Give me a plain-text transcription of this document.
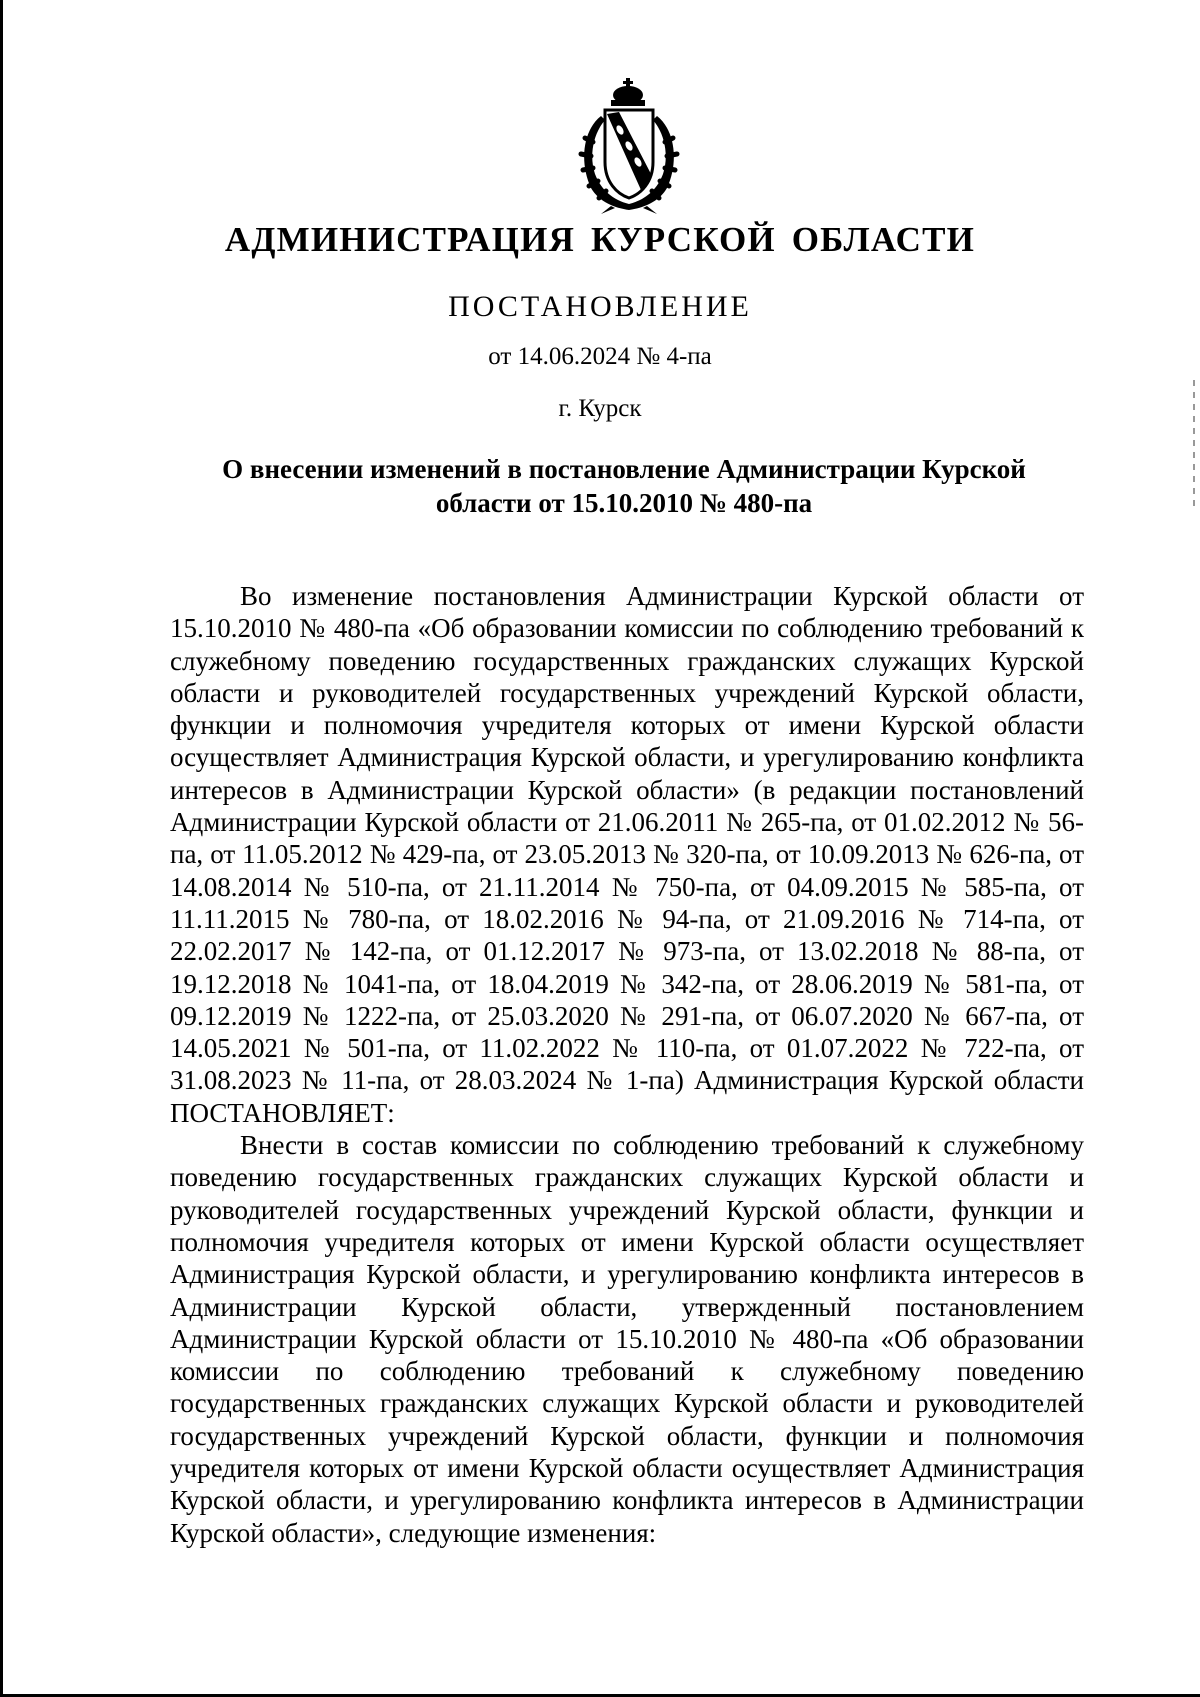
АДМИНИСТРАЦИЯ КУРСКОЙ ОБЛАСТИ
ПОСТАНОВЛЕНИЕ
от 14.06.2024 № 4-па
г. Курск
О внесении изменений в постановление Администрации Курской
области от 15.10.2010 № 480-па

Во изменение постановления Администрации Курской области от 15.10.2010 № 480-па «Об образовании комиссии по соблюдению требований к служебному поведению государственных гражданских служащих Курской области и руководителей государственных учреждений Курской области, функции и полномочия учредителя которых от имени Курской области осуществляет Администрация Курской области, и урегулированию конфликта интересов в Администрации Курской области» (в редакции постановлений Администрации Курской области от 21.06.2011 № 265-па, от 01.02.2012 № 56-па, от 11.05.2012 № 429-па, от 23.05.2013 № 320-па, от 10.09.2013 № 626-па, от 14.08.2014 № 510-па, от 21.11.2014 № 750-па, от 04.09.2015 № 585-па, от 11.11.2015 № 780-па, от 18.02.2016 № 94-па, от 21.09.2016 № 714-па, от 22.02.2017 № 142-па, от 01.12.2017 № 973-па, от 13.02.2018 № 88-па, от 19.12.2018 № 1041-па, от 18.04.2019 № 342-па, от 28.06.2019 № 581-па, от 09.12.2019 № 1222-па, от 25.03.2020 № 291-па, от 06.07.2020 № 667-па, от 14.05.2021 № 501-па, от 11.02.2022 № 110-па, от 01.07.2022 № 722-па, от 31.08.2023 № 11-па, от 28.03.2024 № 1-па) Администрация Курской области ПОСТАНОВЛЯЕТ:

Внести в состав комиссии по соблюдению требований к служебному поведению государственных гражданских служащих Курской области и руководителей государственных учреждений Курской области, функции и полномочия учредителя которых от имени Курской области осуществляет Администрация Курской области, и урегулированию конфликта интересов в Администрации Курской области, утвержденный постановлением Администрации Курской области от 15.10.2010 № 480-па «Об образовании комиссии по соблюдению требований к служебному поведению государственных гражданских служащих Курской области и руководителей государственных учреждений Курской области, функции и полномочия учредителя которых от имени Курской области осуществляет Администрация Курской области, и урегулированию конфликта интересов в Администрации Курской области», следующие изменения:
